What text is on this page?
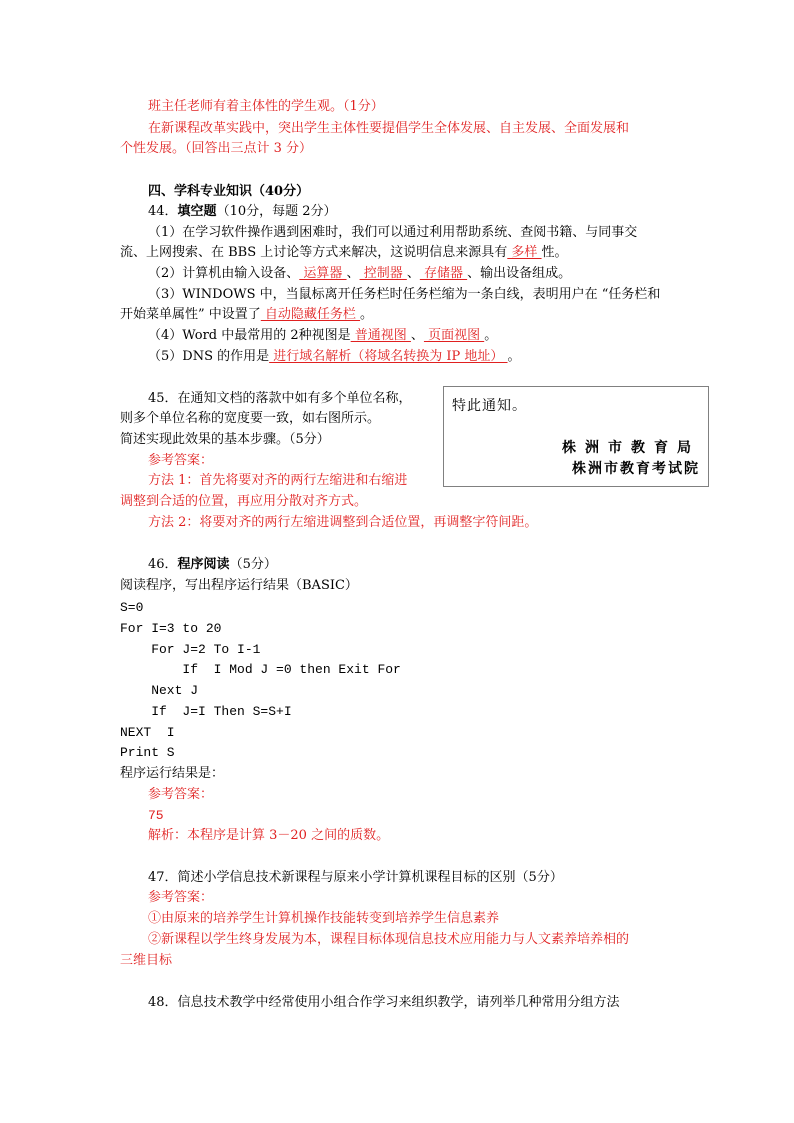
班主任老师有着主体性的学生观。（1分）
在新课程改革实践中，突出学生主体性要提倡学生全体发展、自主发展、全面发展和
个性发展。（回答出三点计 3 分）
四、学科专业知识（40分）
44．填空题（10分，每题 2分）
（1）在学习软件操作遇到困难时，我们可以通过利用帮助系统、查阅书籍、与同事交
流、上网搜索、在 BBS 上讨论等方式来解决，这说明信息来源具有 多样 性。
（2）计算机由输入设备、 运算器 、 控制器 、 存储器 、输出设备组成。
（3）WINDOWS 中，当鼠标离开任务栏时任务栏缩为一条白线，表明用户在 “任务栏和
开始菜单属性” 中设置了 自动隐藏任务栏 。
（4）Word 中最常用的 2种视图是 普通视图 、 页面视图 。
（5）DNS 的作用是 进行域名解析（将域名转换为 IP 地址） 。
45．在通知文档的落款中如有多个单位名称，
则多个单位名称的宽度要一致，如右图所示。
简述实现此效果的基本步骤。（5分）
参考答案：
方法 1：首先将要对齐的两行左缩进和右缩进
调整到合适的位置，再应用分散对齐方式。
方法 2：将要对齐的两行左缩进调整到合适位置，再调整字符间距。
特此通知。
株洲市教育局
株洲市教育考试院
46．程序阅读（5分）
阅读程序，写出程序运行结果（BASIC）
S=0
For I=3 to 20
For J=2 To I-1
If  I Mod J =0 then Exit For
Next J
If  J=I Then S=S+I
NEXT  I
Print S
程序运行结果是：
参考答案：
75
解析：本程序是计算 3－20 之间的质数。
47．简述小学信息技术新课程与原来小学计算机课程目标的区别（5分）
参考答案：
①由原来的培养学生计算机操作技能转变到培养学生信息素养
②新课程以学生终身发展为本，课程目标体现信息技术应用能力与人文素养培养相的
三维目标
48．信息技术教学中经常使用小组合作学习来组织教学，请列举几种常用分组方法
